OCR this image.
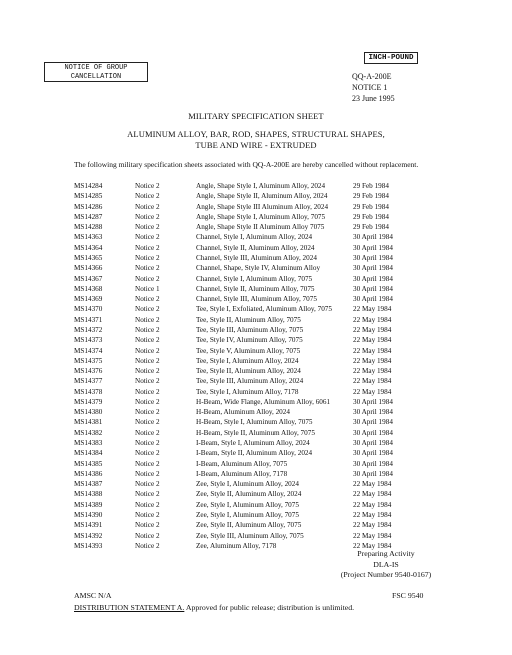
NOTICE OF GROUP
CANCELLATION
INCH-POUND
QQ-A-200E
NOTICE 1
23 June 1995
MILITARY SPECIFICATION SHEET
ALUMINUM ALLOY, BAR, ROD, SHAPES, STRUCTURAL SHAPES,
TUBE AND WIRE - EXTRUDED
The following military specification sheets associated with QQ-A-200E are hereby cancelled without replacement.
MS14284	Notice 2	Angle, Shape Style I, Aluminum Alloy, 2024	29 Feb 1984
MS14285	Notice 2	Angle, Shape Style II, Aluminum Alloy, 2024	29 Feb 1984
MS14286	Notice 2	Angle, Shape Style III Aluminum Alloy, 2024	29 Feb 1984
MS14287	Notice 2	Angle, Shape Style I, Aluminum Alloy, 7075	29 Feb 1984
MS14288	Notice 2	Angle, Shape Style II Aluminum Alloy 7075	29 Feb 1984
MS14363	Notice 2	Channel, Style I, Aluminum Alloy, 2024	30 April 1984
MS14364	Notice 2	Channel, Style II, Aluminum Alloy, 2024	30 April 1984
MS14365	Notice 2	Channel, Style III, Aluminum Alloy, 2024	30 April 1984
MS14366	Notice 2	Channel, Shape, Style IV, Aluminum Alloy	30 April 1984
MS14367	Notice 2	Channel, Style I, Aluminum Alloy, 7075	30 April 1984
MS14368	Notice 1	Channel, Style II, Aluminum Alloy, 7075	30 April 1984
MS14369	Notice 2	Channel, Style III, Aluminum Alloy, 7075	30 April 1984
MS14370	Notice 2	Tee, Style I, Exfoliated, Aluminum Alloy, 7075	22 May 1984
MS14371	Notice 2	Tee, Style II, Aluminum Alloy, 7075	22 May 1984
MS14372	Notice 2	Tee, Style III, Aluminum Alloy, 7075	22 May 1984
MS14373	Notice 2	Tee, Style IV, Aluminum Alloy, 7075	22 May 1984
MS14374	Notice 2	Tee, Style V, Aluminum Alloy, 7075	22 May 1984
MS14375	Notice 2	Tee, Style I, Aluminum Alloy, 2024	22 May 1984
MS14376	Notice 2	Tee, Style II, Aluminum Alloy, 2024	22 May 1984
MS14377	Notice 2	Tee, Style III, Aluminum Alloy, 2024	22 May 1984
MS14378	Notice 2	Tee, Style I, Aluminum Alloy, 7178	22 May 1984
MS14379	Notice 2	H-Beam, Wide Flange, Aluminum Alloy, 6061	30 April 1984
MS14380	Notice 2	H-Beam, Aluminum Alloy, 2024	30 April 1984
MS14381	Notice 2	H-Beam, Style I, Aluminum Alloy, 7075	30 April 1984
MS14382	Notice 2	H-Beam, Style II, Aluminum Alloy, 7075	30 April 1984
MS14383	Notice 2	I-Beam, Style I, Aluminum Alloy, 2024	30 April 1984
MS14384	Notice 2	I-Beam, Style II, Aluminum Alloy, 2024	30 April 1984
MS14385	Notice 2	I-Beam, Aluminum Alloy, 7075	30 April 1984
MS14386	Notice 2	I-Beam, Aluminum Alloy, 7178	30 April 1984
MS14387	Notice 2	Zee, Style I, Aluminum Alloy, 2024	22 May 1984
MS14388	Notice 2	Zee, Style II, Aluminum Alloy, 2024	22 May 1984
MS14389	Notice 2	Zee, Style I, Aluminum Alloy, 7075	22 May 1984
MS14390	Notice 2	Zee, Style I, Aluminum Alloy, 7075	22 May 1984
MS14391	Notice 2	Zee, Style II, Aluminum Alloy, 7075	22 May 1984
MS14392	Notice 2	Zee, Style III, Aluminum Alloy, 7075	22 May 1984
MS14393	Notice 2	Zee, Aluminum Alloy, 7178	22 May 1984
Preparing Activity
DLA-IS
(Project Number 9540-0167)
AMSC N/A	FSC 9540
DISTRIBUTION STATEMENT A. Approved for public release; distribution is unlimited.
